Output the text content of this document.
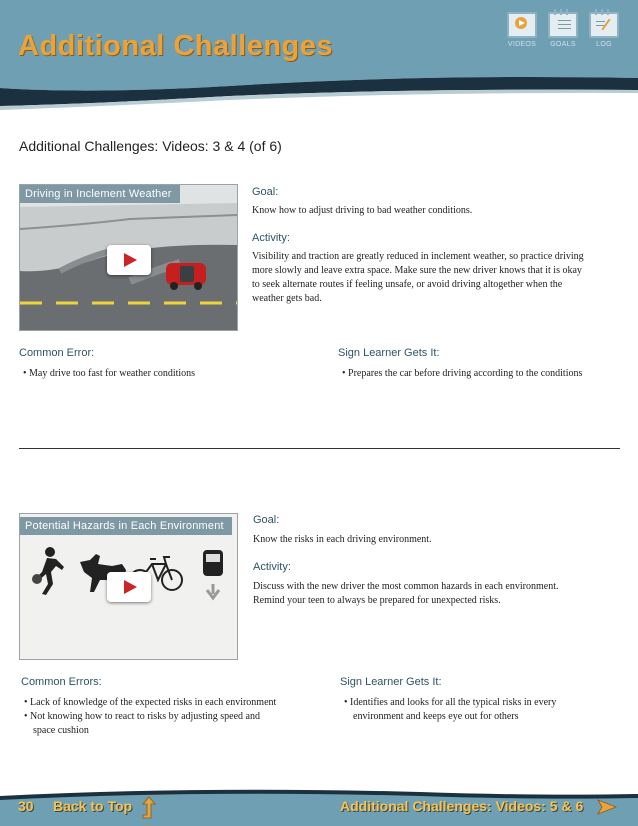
Additional Challenges	VIDEOS	GOALS	LOG
Additional Challenges: Videos: 3 & 4 (of 6)
Driving in Inclement Weather	Goal:
Know how to adjust driving to bad weather conditions.
Activity:
Visibility and traction are greatly reduced in inclement weather, so practice driving
more slowly and leave extra space. Make sure the new driver knows that it is okay
to seek alternate routes if feeling unsafe, or avoid driving altogether when the
weather gets bad.
Common Error:
• May drive too fast for weather conditions
Sign Learner Gets It:
• Prepares the car before driving according to the conditions
Potential Hazards in Each Environment	Goal:
Know the risks in each driving environment.
Activity:
Discuss with the new driver the most common hazards in each environment.
Remind your teen to always be prepared for unexpected risks.
Common Errors:
• Lack of knowledge of the expected risks in each environment
• Not knowing how to react to risks by adjusting speed and
space cushion
Sign Learner Gets It:
• Identifies and looks for all the typical risks in every
environment and keeps eye out for others
30 Back to Top	Additional Challenges: Videos: 5 & 6
